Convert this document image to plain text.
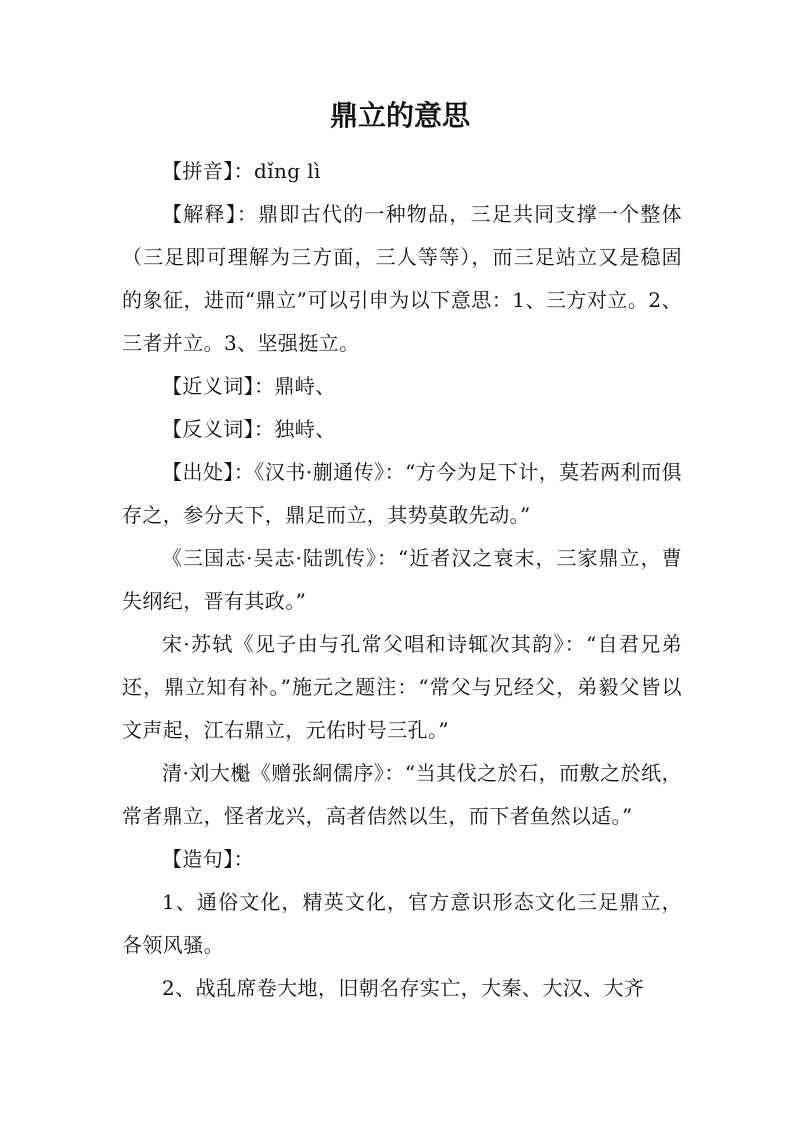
鼎立的意思

【拼音】：dǐng lì

【解释】：鼎即古代的一种物品，三足共同支撑一个整体（三足即可理解为三方面，三人等等），而三足站立又是稳固的象征，进而“鼎立”可以引申为以下意思：1、三方对立。2、三者并立。3、坚强挺立。

【近义词】：鼎峙、

【反义词】：独峙、

【出处】：《汉书·蒯通传》：“方今为足下计，莫若两利而俱存之，参分天下，鼎足而立，其势莫敢先动。”

《三国志·吴志·陆凯传》：“近者汉之衰末，三家鼎立，曹失纲纪，晋有其政。”

宋·苏轼《见子由与孔常父唱和诗辄次其韵》：“自君兄弟还，鼎立知有补。”施元之题注：“常父与兄经父，弟毅父皆以文声起，江右鼎立，元佑时号三孔。”

清·刘大櫆《赠张絅儒序》：“当其伐之於石，而敷之於纸，常者鼎立，怪者龙兴，高者佶然以生，而下者鱼然以适。”

【造句】：

1、通俗文化，精英文化，官方意识形态文化三足鼎立，各领风骚。

2、战乱席卷大地，旧朝名存实亡，大秦、大汉、大齐
